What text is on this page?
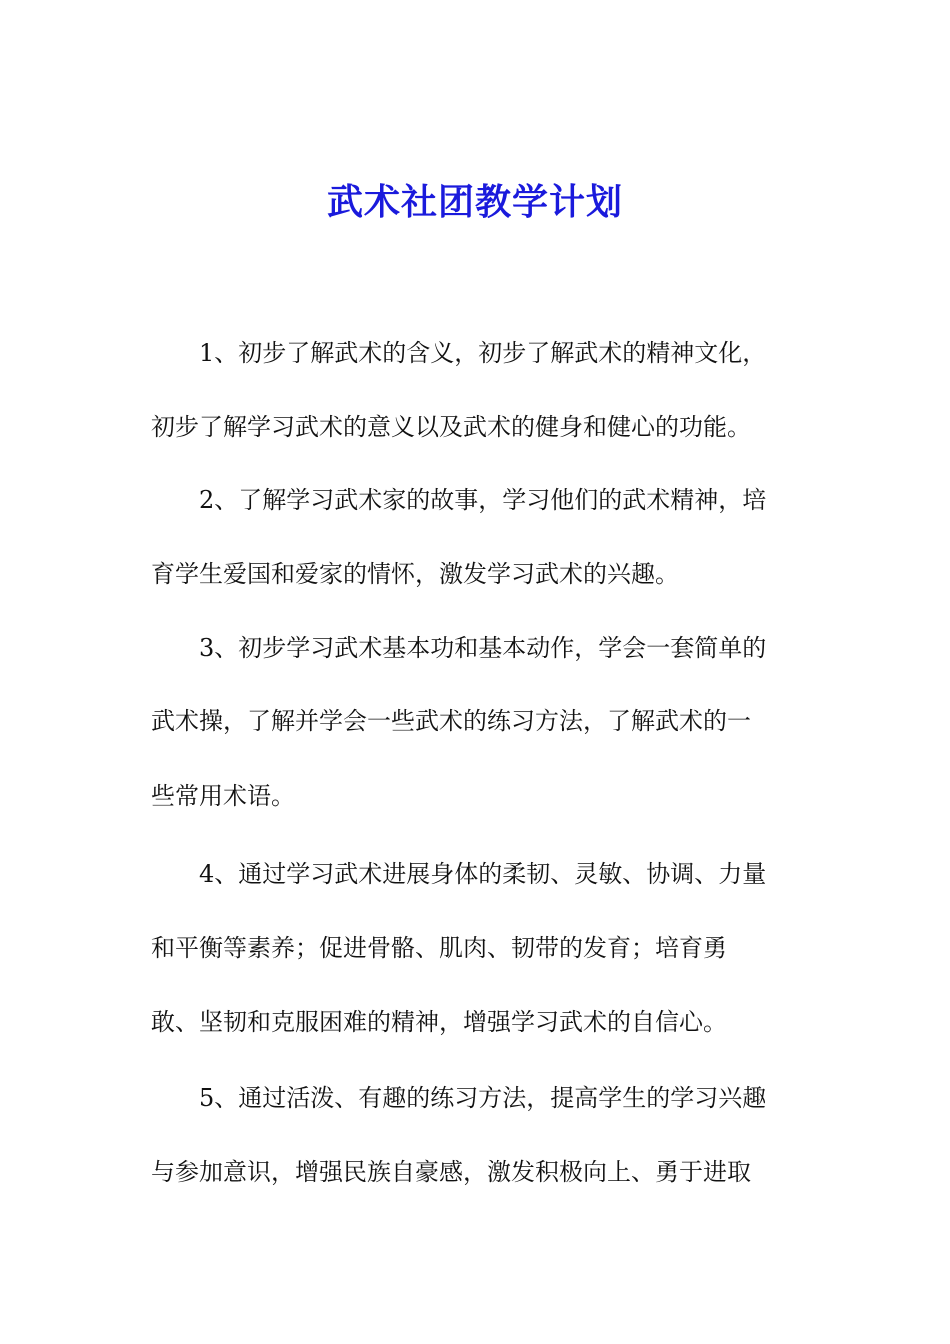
武术社团教学计划
1、初步了解武术的含义，初步了解武术的精神文化，
初步了解学习武术的意义以及武术的健身和健心的功能。
2、了解学习武术家的故事，学习他们的武术精神，培
育学生爱国和爱家的情怀，激发学习武术的兴趣。
3、初步学习武术基本功和基本动作，学会一套简单的
武术操，了解并学会一些武术的练习方法，了解武术的一
些常用术语。
4、通过学习武术进展身体的柔韧、灵敏、协调、力量
和平衡等素养；促进骨骼、肌肉、韧带的发育；培育勇
敢、坚韧和克服困难的精神，增强学习武术的自信心。
5、通过活泼、有趣的练习方法，提高学生的学习兴趣
与参加意识，增强民族自豪感，激发积极向上、勇于进取
